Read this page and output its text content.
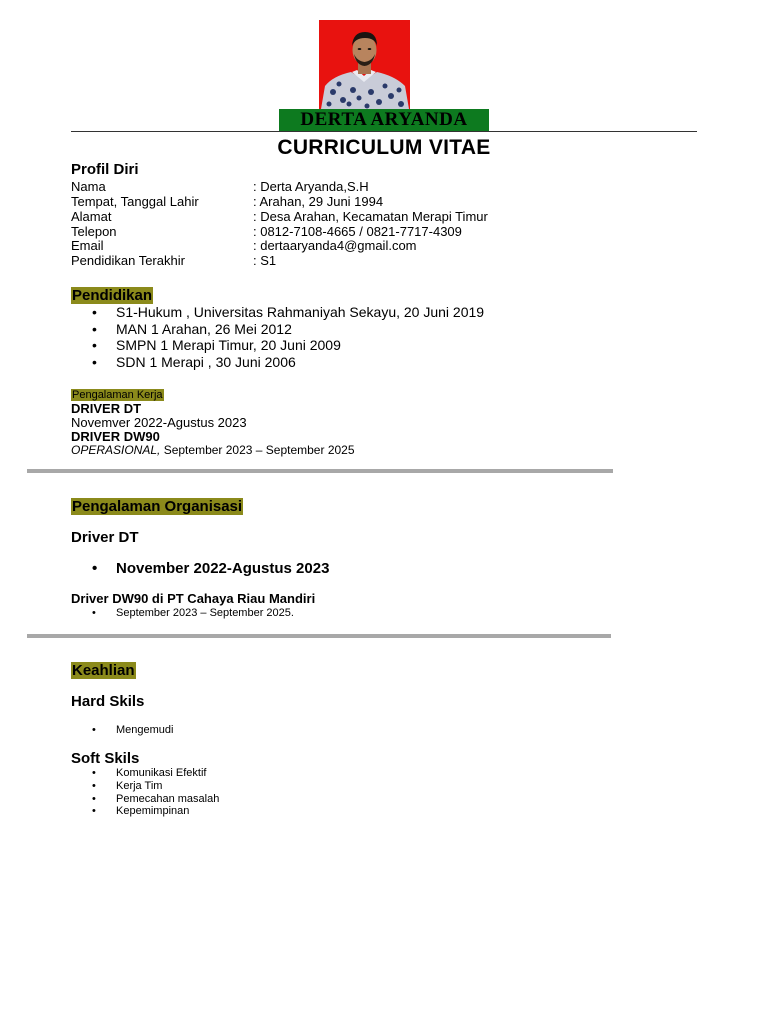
DERTA ARYANDA
CURRICULUM VITAE
Profil Diri
Nama	: Derta Aryanda,S.H
Tempat, Tanggal Lahir	: Arahan, 29 Juni 1994
Alamat	: Desa Arahan, Kecamatan Merapi Timur
Telepon	: 0812-7108-4665 / 0821-7717-4309
Email	: dertaaryanda4@gmail.com
Pendidikan Terakhir	: S1
Pendidikan
• S1-Hukum , Universitas Rahmaniyah Sekayu, 20 Juni 2019
• MAN 1 Arahan, 26 Mei 2012
• SMPN 1 Merapi Timur, 20 Juni 2009
• SDN 1 Merapi , 30 Juni 2006
Pengalaman Kerja
DRIVER DT
Novemver 2022-Agustus 2023
DRIVER DW90
OPERASIONAL, September 2023 – September 2025
Pengalaman Organisasi
Driver DT
• November 2022-Agustus 2023
Driver DW90 di PT Cahaya Riau Mandiri
• September 2023 – September 2025.
Keahlian
Hard Skils
• Mengemudi
Soft Skils
• Komunikasi Efektif
• Kerja Tim
• Pemecahan masalah
• Kepemimpinan
